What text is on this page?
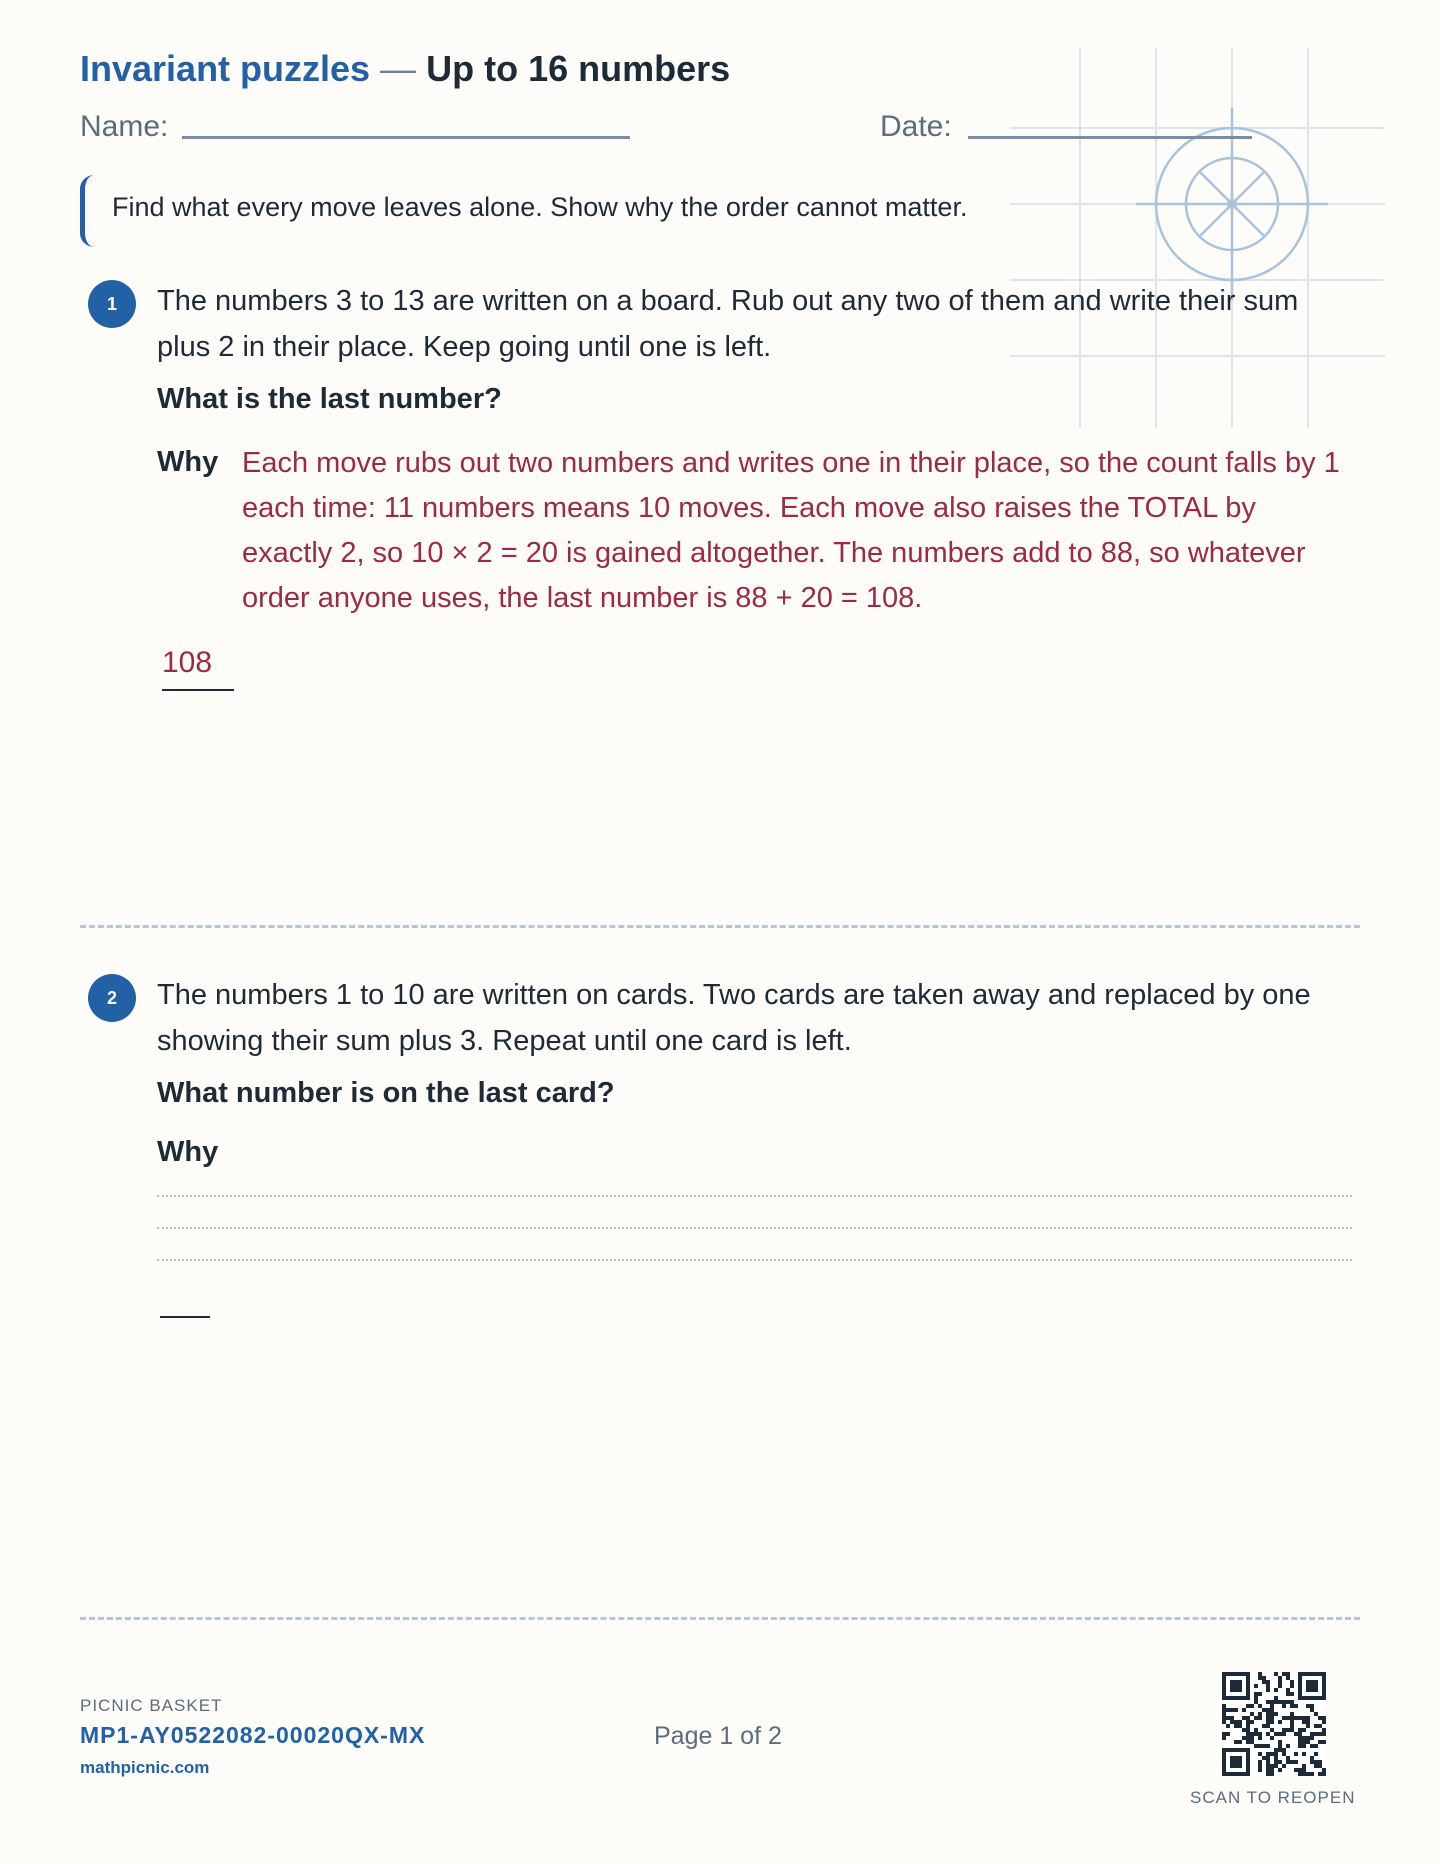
Invariant puzzles — Up to 16 numbers
Name:	Date:
Find what every move leaves alone. Show why the order cannot matter.
1	The numbers 3 to 13 are written on a board. Rub out any two of them and write their sum plus 2 in their place. Keep going until one is left.
What is the last number?
Why Each move rubs out two numbers and writes one in their place, so the count falls by 1 each time: 11 numbers means 10 moves. Each move also raises the TOTAL by exactly 2, so 10 × 2 = 20 is gained altogether. The numbers add to 88, so whatever order anyone uses, the last number is 88 + 20 = 108.
108
2	The numbers 1 to 10 are written on cards. Two cards are taken away and replaced by one showing their sum plus 3. Repeat until one card is left.
What number is on the last card?
Why
PICNIC BASKET
MP1-AY0522082-00020QX-MX
mathpicnic.com
Page 1 of 2
SCAN TO REOPEN
